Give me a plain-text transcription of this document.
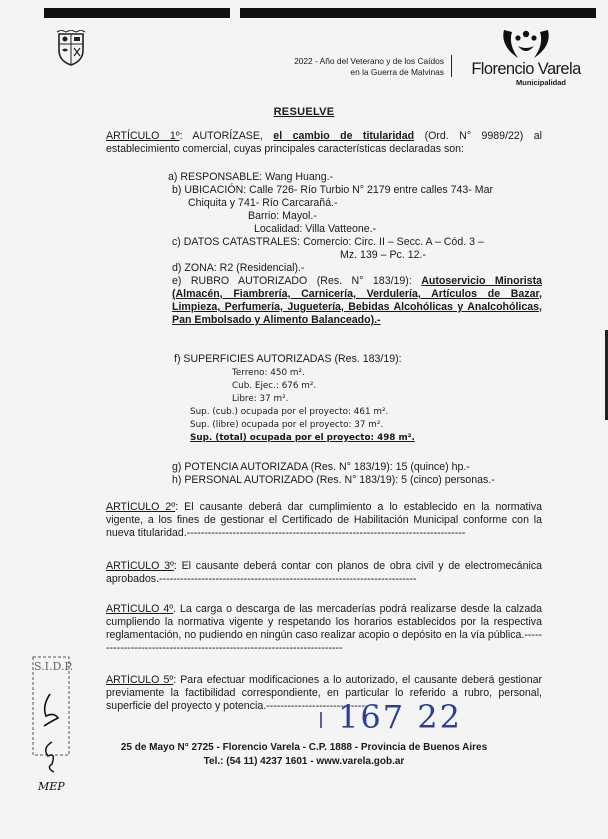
2022 - Año del Veterano y de los Caídos
en la Guerra de Malvinas	Florencio Varela
Municipalidad
RESUELVE
ARTÍCULO 1º: AUTORÍZASE, el cambio de titularidad (Ord. N° 9989/22) al establecimiento comercial, cuyas principales características declaradas son:
a) RESPONSABLE: Wang Huang.-
b) UBICACIÓN: Calle 726- Río Turbio N° 2179 entre calles 743- Mar
Chiquita y 741- Río Carcarañá.-
Barrio: Mayol.-
Localidad: Villa Vatteone.-
c) DATOS CATASTRALES: Comercio: Circ. II – Secc. A – Cód. 3 –
Mz. 139 – Pc. 12.-
d) ZONA: R2 (Residencial).-
e) RUBRO AUTORIZADO (Res. N° 183/19): Autoservicio Minorista (Almacén, Fiambrería, Carnicería, Verdulería, Artículos de Bazar, Limpieza, Perfumería, Juguetería, Bebidas Alcohólicas y Analcohólicas, Pan Embolsado y Alimento Balanceado).-
f) SUPERFICIES AUTORIZADAS (Res. 183/19):
Terreno: 450 m².
Cub. Ejec.: 676 m².
Libre: 37 m².
Sup. (cub.) ocupada por el proyecto: 461 m².
Sup. (libre) ocupada por el proyecto: 37 m².
Sup. (total) ocupada por el proyecto: 498 m².
g) POTENCIA AUTORIZADA (Res. N° 183/19): 15 (quince) hp.-
h) PERSONAL AUTORIZADO (Res. N° 183/19): 5 (cinco) personas.-
ARTÍCULO 2º: El causante deberá dar cumplimiento a lo establecido en la normativa vigente, a los fines de gestionar el Certificado de Habilitación Municipal conforme con la nueva titularidad.-------------------------------------------------------------------------------
ARTÍCULO 3º: El causante deberá contar con planos de obra civil y de electromecánica aprobados.-------------------------------------------------------------------------
ARTÍCULO 4º. La carga o descarga de las mercaderías podrá realizarse desde la calzada cumpliendo la normativa vigente y respetando los horarios establecidos por la respectiva reglamentación, no pudiendo en ningún caso realizar acopio o depósito en la vía pública.------------------------------------------------------------------------
ARTÍCULO 5º: Para efectuar modificaciones a lo autorizado, el causante deberá gestionar previamente la factibilidad correspondiente, en particular lo referido a rubro, personal, superficie del proyecto y potencia.-----------------------------
167 22
S.I.D.P.
MEP
25 de Mayo N° 2725 - Florencio Varela - C.P. 1888 - Provincia de Buenos Aires
Tel.: (54 11) 4237 1601 - www.varela.gob.ar
